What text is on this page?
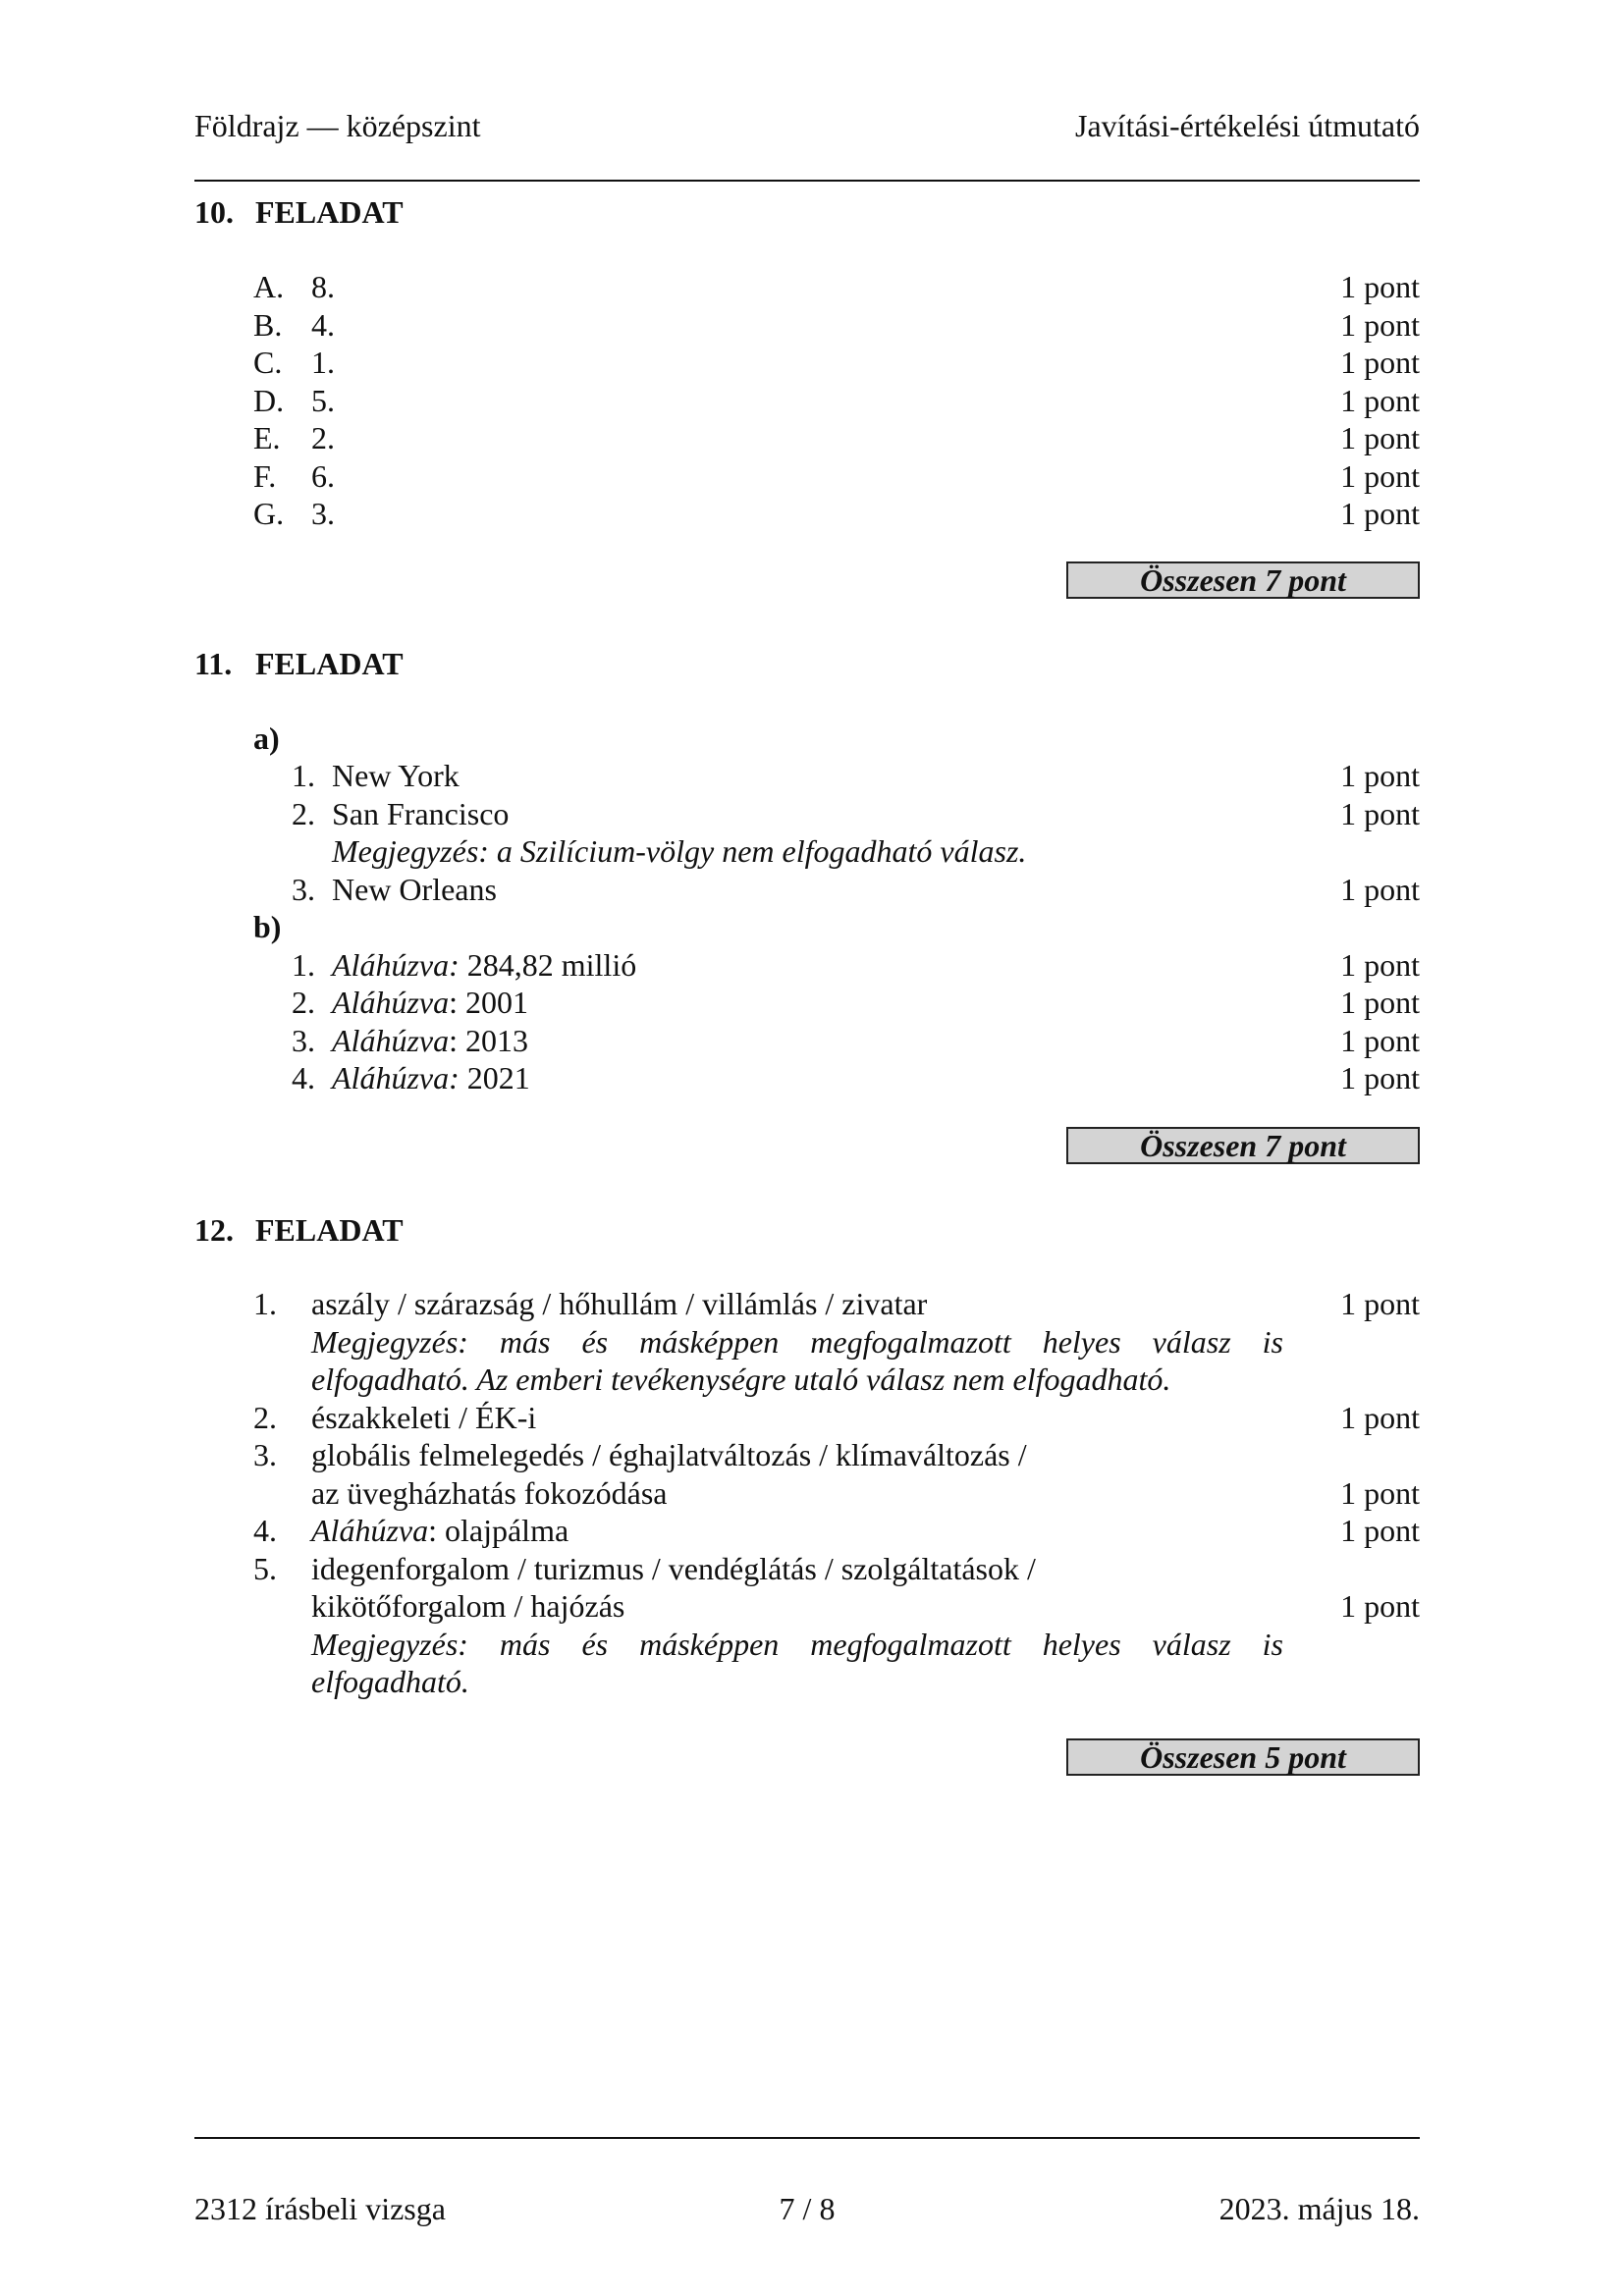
Földrajz — középszint	Javítási-értékelési útmutató
10. FELADAT
A. 8.	1 pont
B. 4.	1 pont
C. 1.	1 pont
D. 5.	1 pont
E. 2.	1 pont
F. 6.	1 pont
G. 3.	1 pont
Összesen 7 pont
11. FELADAT
a)
1. New York	1 pont
2. San Francisco	1 pont
Megjegyzés: a Szilícium-völgy nem elfogadható válasz.
3. New Orleans	1 pont
b)
1. Aláhúzva: 284,82 millió	1 pont
2. Aláhúzva: 2001	1 pont
3. Aláhúzva: 2013	1 pont
4. Aláhúzva: 2021	1 pont
Összesen 7 pont
12. FELADAT
1. aszály / szárazság / hőhullám / villámlás / zivatar	1 pont
Megjegyzés: más és másképpen megfogalmazott helyes válasz is
elfogadható. Az emberi tevékenységre utaló válasz nem elfogadható.
2. északkeleti / ÉK-i	1 pont
3. globális felmelegedés / éghajlatváltozás / klímaváltozás /
az üvegházhatás fokozódása	1 pont
4. Aláhúzva: olajpálma	1 pont
5. idegenforgalom / turizmus / vendéglátás / szolgáltatások /
kikötőforgalom / hajózás	1 pont
Megjegyzés: más és másképpen megfogalmazott helyes válasz is
elfogadható.
Összesen 5 pont
2312 írásbeli vizsga	7 / 8	2023. május 18.
